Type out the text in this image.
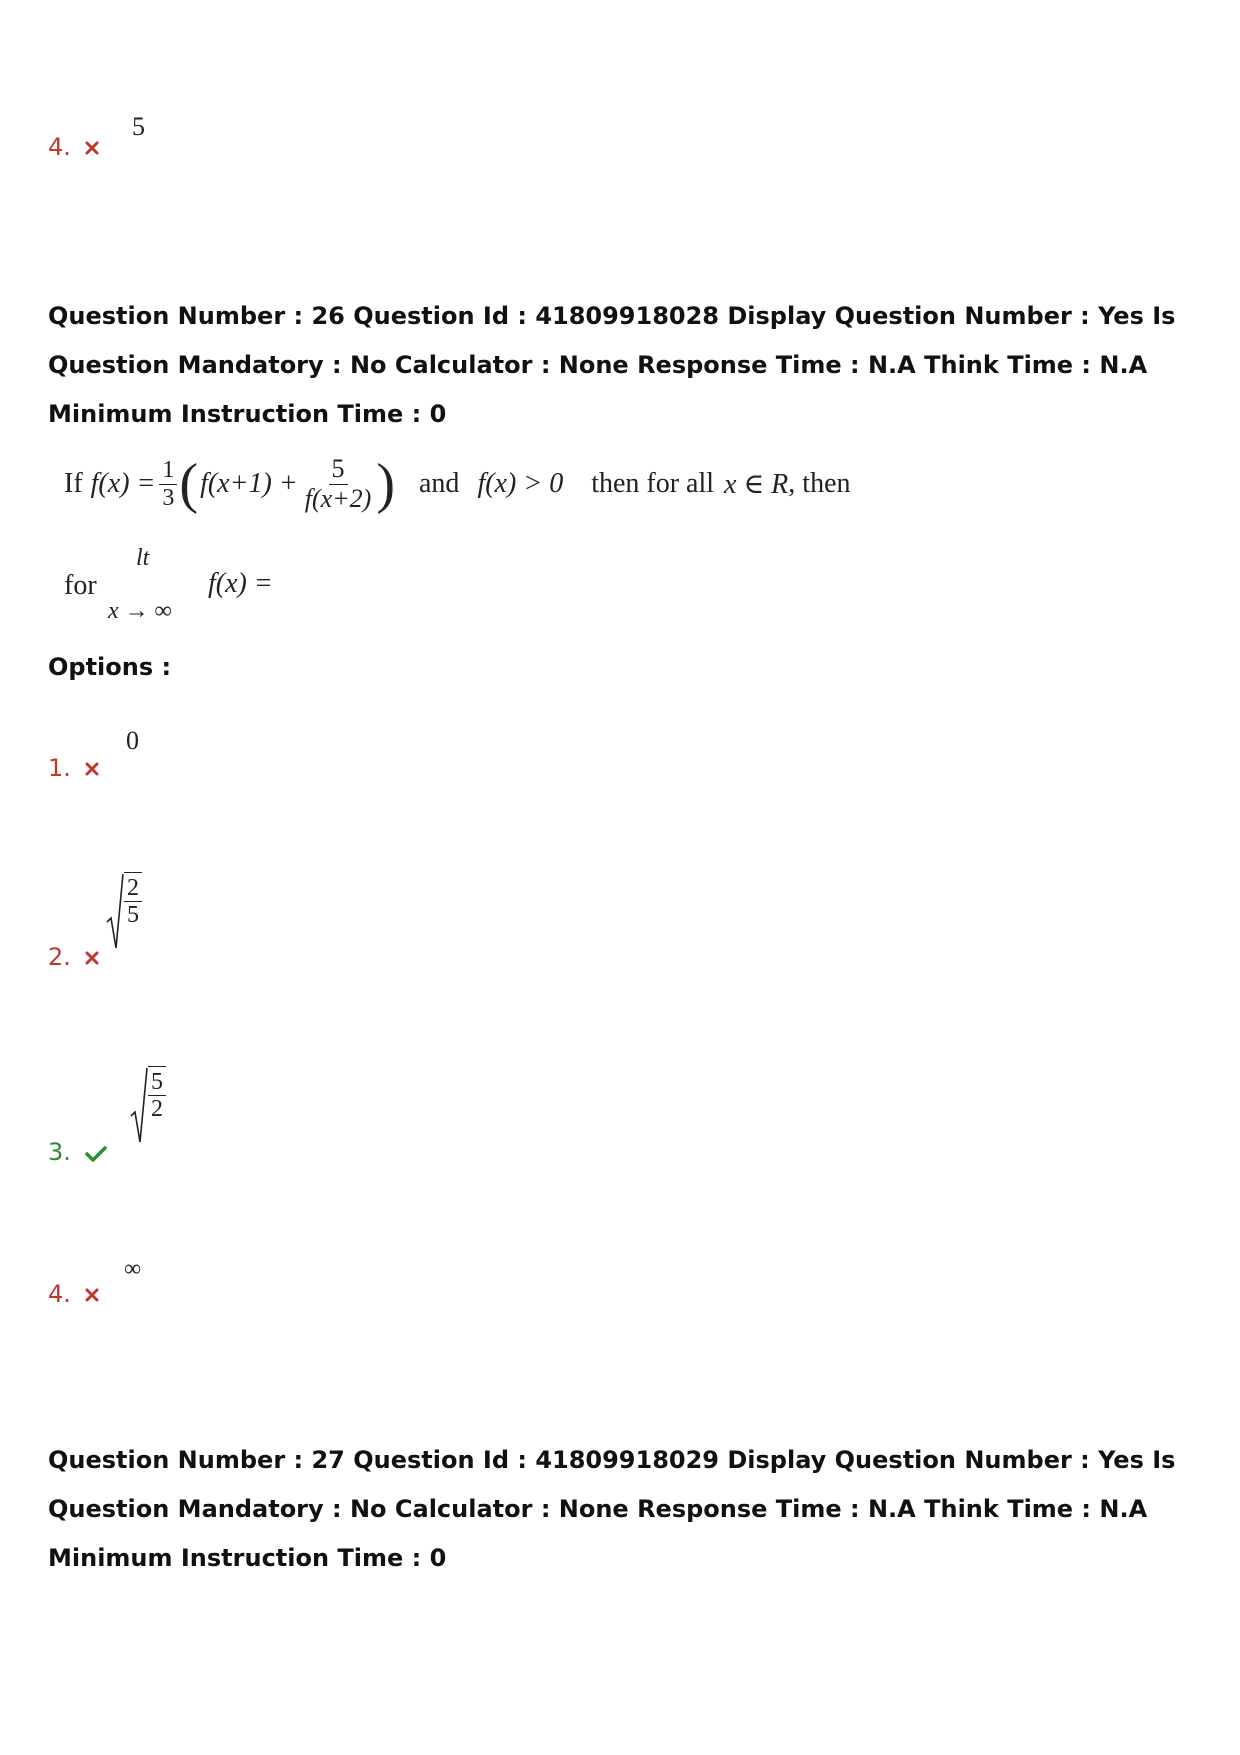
4.
5
Question Number : 26 Question Id : 41809918028 Display Question Number : Yes Is Question Mandatory : No Calculator : None Response Time : N.A Think Time : N.A Minimum Instruction Time : 0
If $f(x) = \frac{1}{3}$ ( $f(x+1) + \frac{5}{f(x+2)}$ ) and f(x) > 0 then for all x ∈ R , then
for
lt
x → ∞
f(x) =
Options :
1.
0
2.
$\frac{2}{5}$
3.
$\frac{5}{2}$
4.
∞
Question Number : 27 Question Id : 41809918029 Display Question Number : Yes Is Question Mandatory : No Calculator : None Response Time : N.A Think Time : N.A Minimum Instruction Time : 0
